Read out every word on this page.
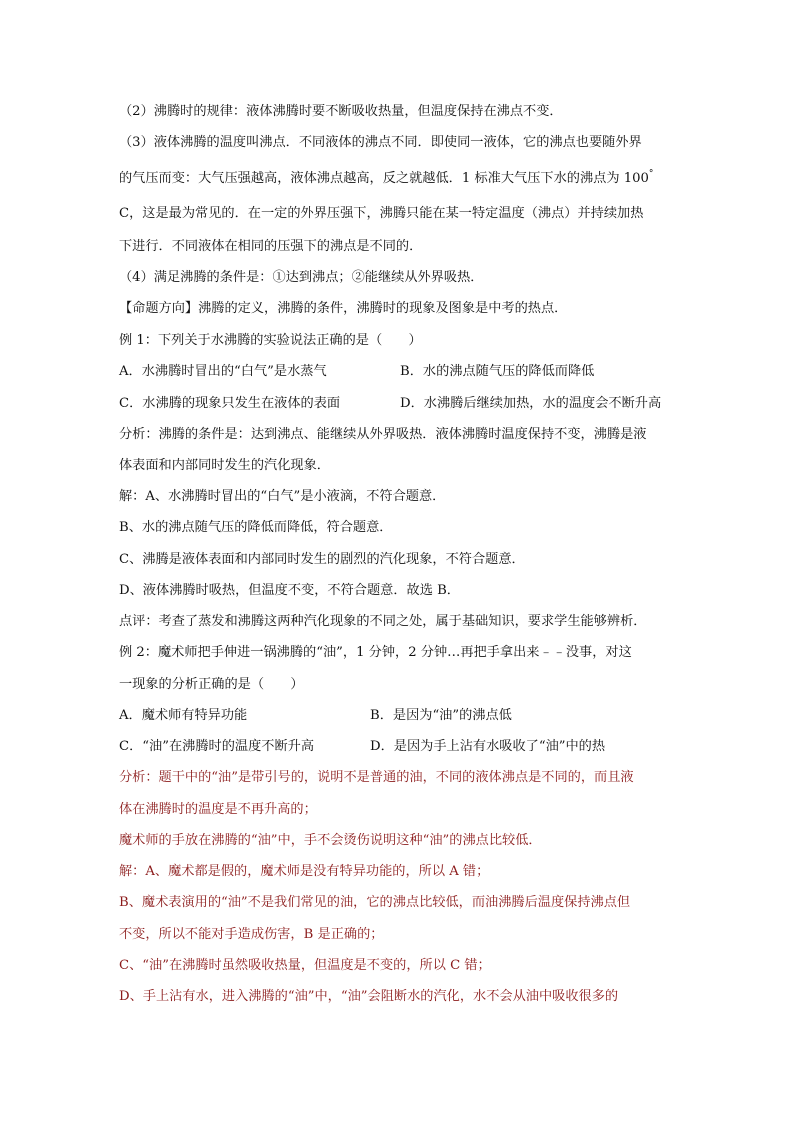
（2）沸腾时的规律：液体沸腾时要不断吸收热量，但温度保持在沸点不变．
（3）液体沸腾的温度叫沸点．不同液体的沸点不同．即使同一液体，它的沸点也要随外界
的气压而变：大气压强越高，液体沸点越高，反之就越低．1 标准大气压下水的沸点为 100°
C，这是最为常见的．在一定的外界压强下，沸腾只能在某一特定温度（沸点）并持续加热
下进行．不同液体在相同的压强下的沸点是不同的．
（4）满足沸腾的条件是：①达到沸点；②能继续从外界吸热．
【命题方向】沸腾的定义，沸腾的条件，沸腾时的现象及图象是中考的热点．
例 1：下列关于水沸腾的实验说法正确的是（　　）
A．水沸腾时冒出的“白气”是水蒸气	B．水的沸点随气压的降低而降低
C．水沸腾的现象只发生在液体的表面	D．水沸腾后继续加热，水的温度会不断升高
分析：沸腾的条件是：达到沸点、能继续从外界吸热．液体沸腾时温度保持不变，沸腾是液
体表面和内部同时发生的汽化现象．
解：A、水沸腾时冒出的“白气”是小液滴，不符合题意．
B、水的沸点随气压的降低而降低，符合题意．
C、沸腾是液体表面和内部同时发生的剧烈的汽化现象，不符合题意．
D、液体沸腾时吸热，但温度不变，不符合题意．故选 B．
点评：考查了蒸发和沸腾这两种汽化现象的不同之处，属于基础知识，要求学生能够辨析．
例 2：魔术师把手伸进一锅沸腾的“油”，1 分钟，2 分钟…再把手拿出来﹣﹣没事，对这
一现象的分析正确的是（　　）
A．魔术师有特异功能	B．是因为“油”的沸点低
C．“油”在沸腾时的温度不断升高	D．是因为手上沾有水吸收了“油”中的热
分析：题干中的“油”是带引号的，说明不是普通的油，不同的液体沸点是不同的，而且液
体在沸腾时的温度是不再升高的；
魔术师的手放在沸腾的“油”中，手不会烫伤说明这种“油”的沸点比较低．
解：A、魔术都是假的，魔术师是没有特异功能的，所以 A 错；
B、魔术表演用的“油”不是我们常见的油，它的沸点比较低，而油沸腾后温度保持沸点但
不变，所以不能对手造成伤害，B 是正确的；
C、“油”在沸腾时虽然吸收热量，但温度是不变的，所以 C 错；
D、手上沾有水，进入沸腾的“油”中，“油”会阻断水的汽化，水不会从油中吸收很多的
